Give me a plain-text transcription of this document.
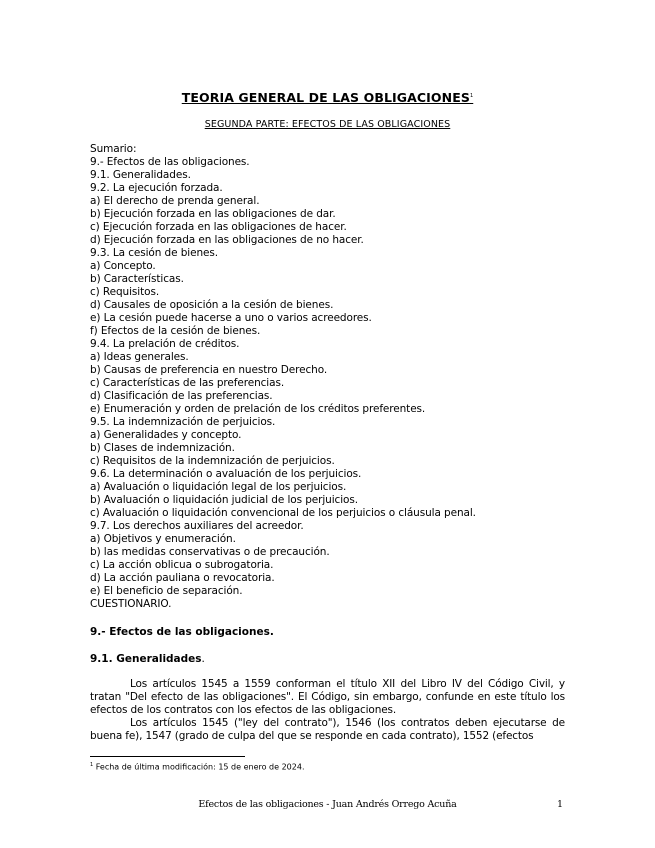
TEORIA GENERAL DE LAS OBLIGACIONES$^1$
SEGUNDA PARTE: EFECTOS DE LAS OBLIGACIONES
Sumario:
9.- Efectos de las obligaciones.
9.1. Generalidades.
9.2. La ejecución forzada.
a) El derecho de prenda general.
b) Ejecución forzada en las obligaciones de dar.
c) Ejecución forzada en las obligaciones de hacer.
d) Ejecución forzada en las obligaciones de no hacer.
9.3. La cesión de bienes.
a) Concepto.
b) Características.
c) Requisitos.
d) Causales de oposición a la cesión de bienes.
e) La cesión puede hacerse a uno o varios acreedores.
f) Efectos de la cesión de bienes.
9.4. La prelación de créditos.
a) Ideas generales.
b) Causas de preferencia en nuestro Derecho.
c) Características de las preferencias.
d) Clasificación de las preferencias.
e) Enumeración y orden de prelación de los créditos preferentes.
9.5. La indemnización de perjuicios.
a) Generalidades y concepto.
b) Clases de indemnización.
c) Requisitos de la indemnización de perjuicios.
9.6. La determinación o avaluación de los perjuicios.
a) Avaluación o liquidación legal de los perjuicios.
b) Avaluación o liquidación judicial de los perjuicios.
c) Avaluación o liquidación convencional de los perjuicios o cláusula penal.
9.7. Los derechos auxiliares del acreedor.
a) Objetivos y enumeración.
b) las medidas conservativas o de precaución.
c) La acción oblicua o subrogatoria.
d) La acción pauliana o revocatoria.
e) El beneficio de separación.
CUESTIONARIO.
9.- Efectos de las obligaciones.
9.1. Generalidades.

Los artículos 1545 a 1559 conforman el título XII del Libro IV del Código Civil, y tratan "Del efecto de las obligaciones". El Código, sin embargo, confunde en este título los efectos de los contratos con los efectos de las obligaciones.

Los artículos 1545 ("ley del contrato"), 1546 (los contratos deben ejecutarse de buena fe), 1547 (grado de culpa del que se responde en cada contrato), 1552 (efectos

$^1$ Fecha de última modificación: 15 de enero de 2024.
Efectos de las obligaciones - Juan Andrés Orrego Acuña	1
